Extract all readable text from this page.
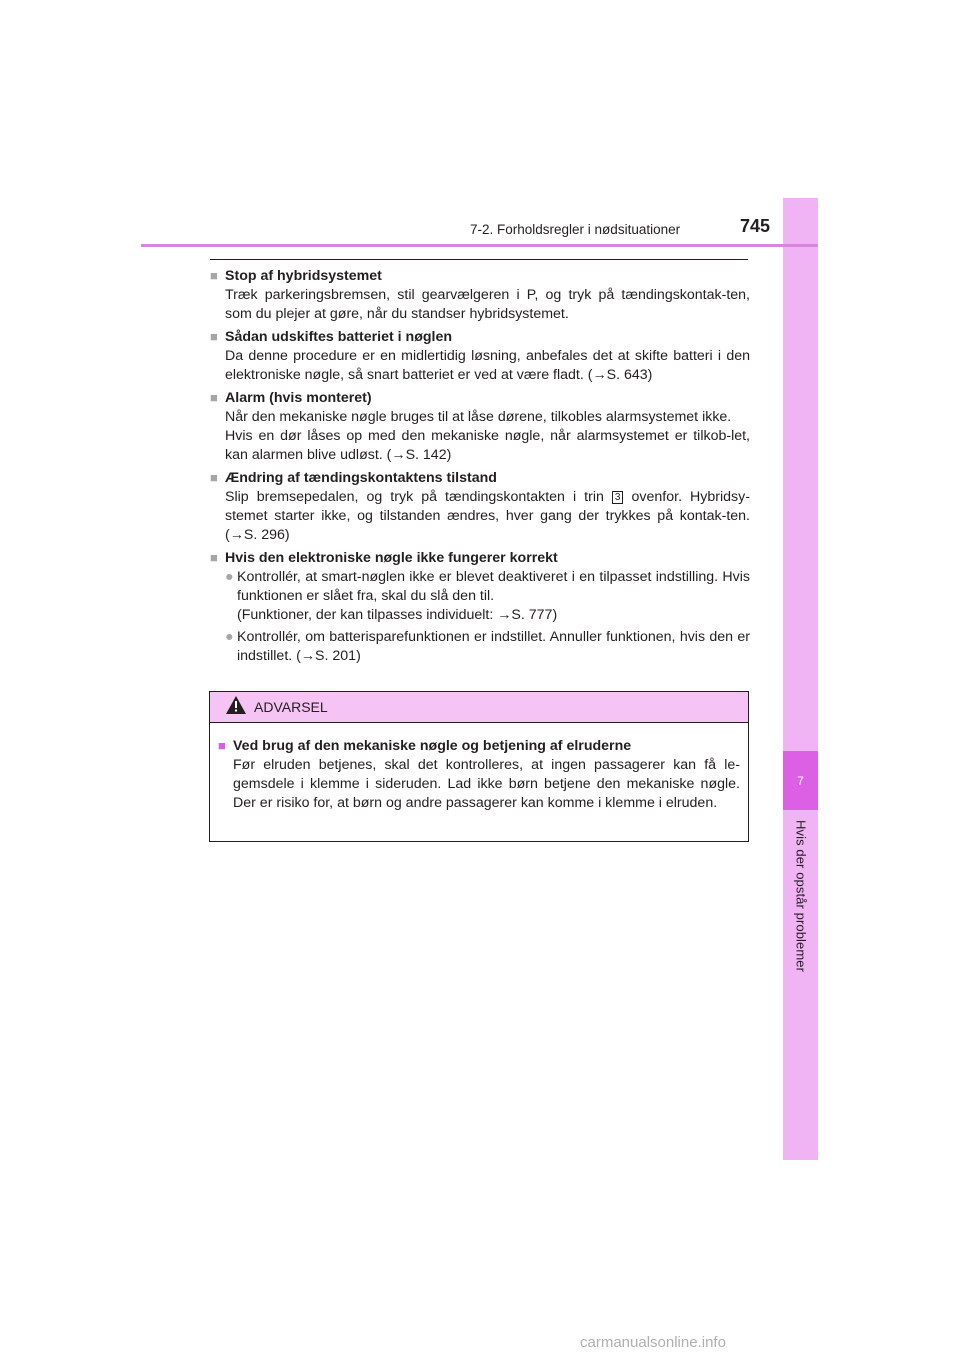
7
Hvis der opstår problemer
7-2. Forholdsregler i nødsituationer	745
■ Stop af hybridsystemet

Træk parkeringsbremsen, stil gearvælgeren i P, og tryk på tændingskontak-ten, som du plejer at gøre, når du standser hybridsystemet.

■ Sådan udskiftes batteriet i nøglen

Da denne procedure er en midlertidig løsning, anbefales det at skifte batteri i den elektroniske nøgle, så snart batteriet er ved at være fladt. (→S. 643)

■ Alarm (hvis monteret)

Når den mekaniske nøgle bruges til at låse dørene, tilkobles alarmsystemet ikke.

Hvis en dør låses op med den mekaniske nøgle, når alarmsystemet er tilkob-let, kan alarmen blive udløst. (→S. 142)

■ Ændring af tændingskontaktens tilstand

Slip bremsepedalen, og tryk på tændingskontakten i trin 3 ovenfor. Hybridsy-stemet starter ikke, og tilstanden ændres, hver gang der trykkes på kontak-ten. (→S. 296)

■ Hvis den elektroniske nøgle ikke fungerer korrekt
● Kontrollér, at smart-nøglen ikke er blevet deaktiveret i en tilpasset indstilling. Hvis funktionen er slået fra, skal du slå den til.
(Funktioner, der kan tilpasses individuelt: →S. 777)
● Kontrollér, om batterisparefunktionen er indstillet. Annuller funktionen, hvis den er indstillet. (→S. 201)
ADVARSEL
■ Ved brug af den mekaniske nøgle og betjening af elruderne

Før elruden betjenes, skal det kontrolleres, at ingen passagerer kan få le-gemsdele i klemme i sideruden. Lad ikke børn betjene den mekaniske nøgle. Der er risiko for, at børn og andre passagerer kan komme i klemme i elruden.

carmanualsonline.info
